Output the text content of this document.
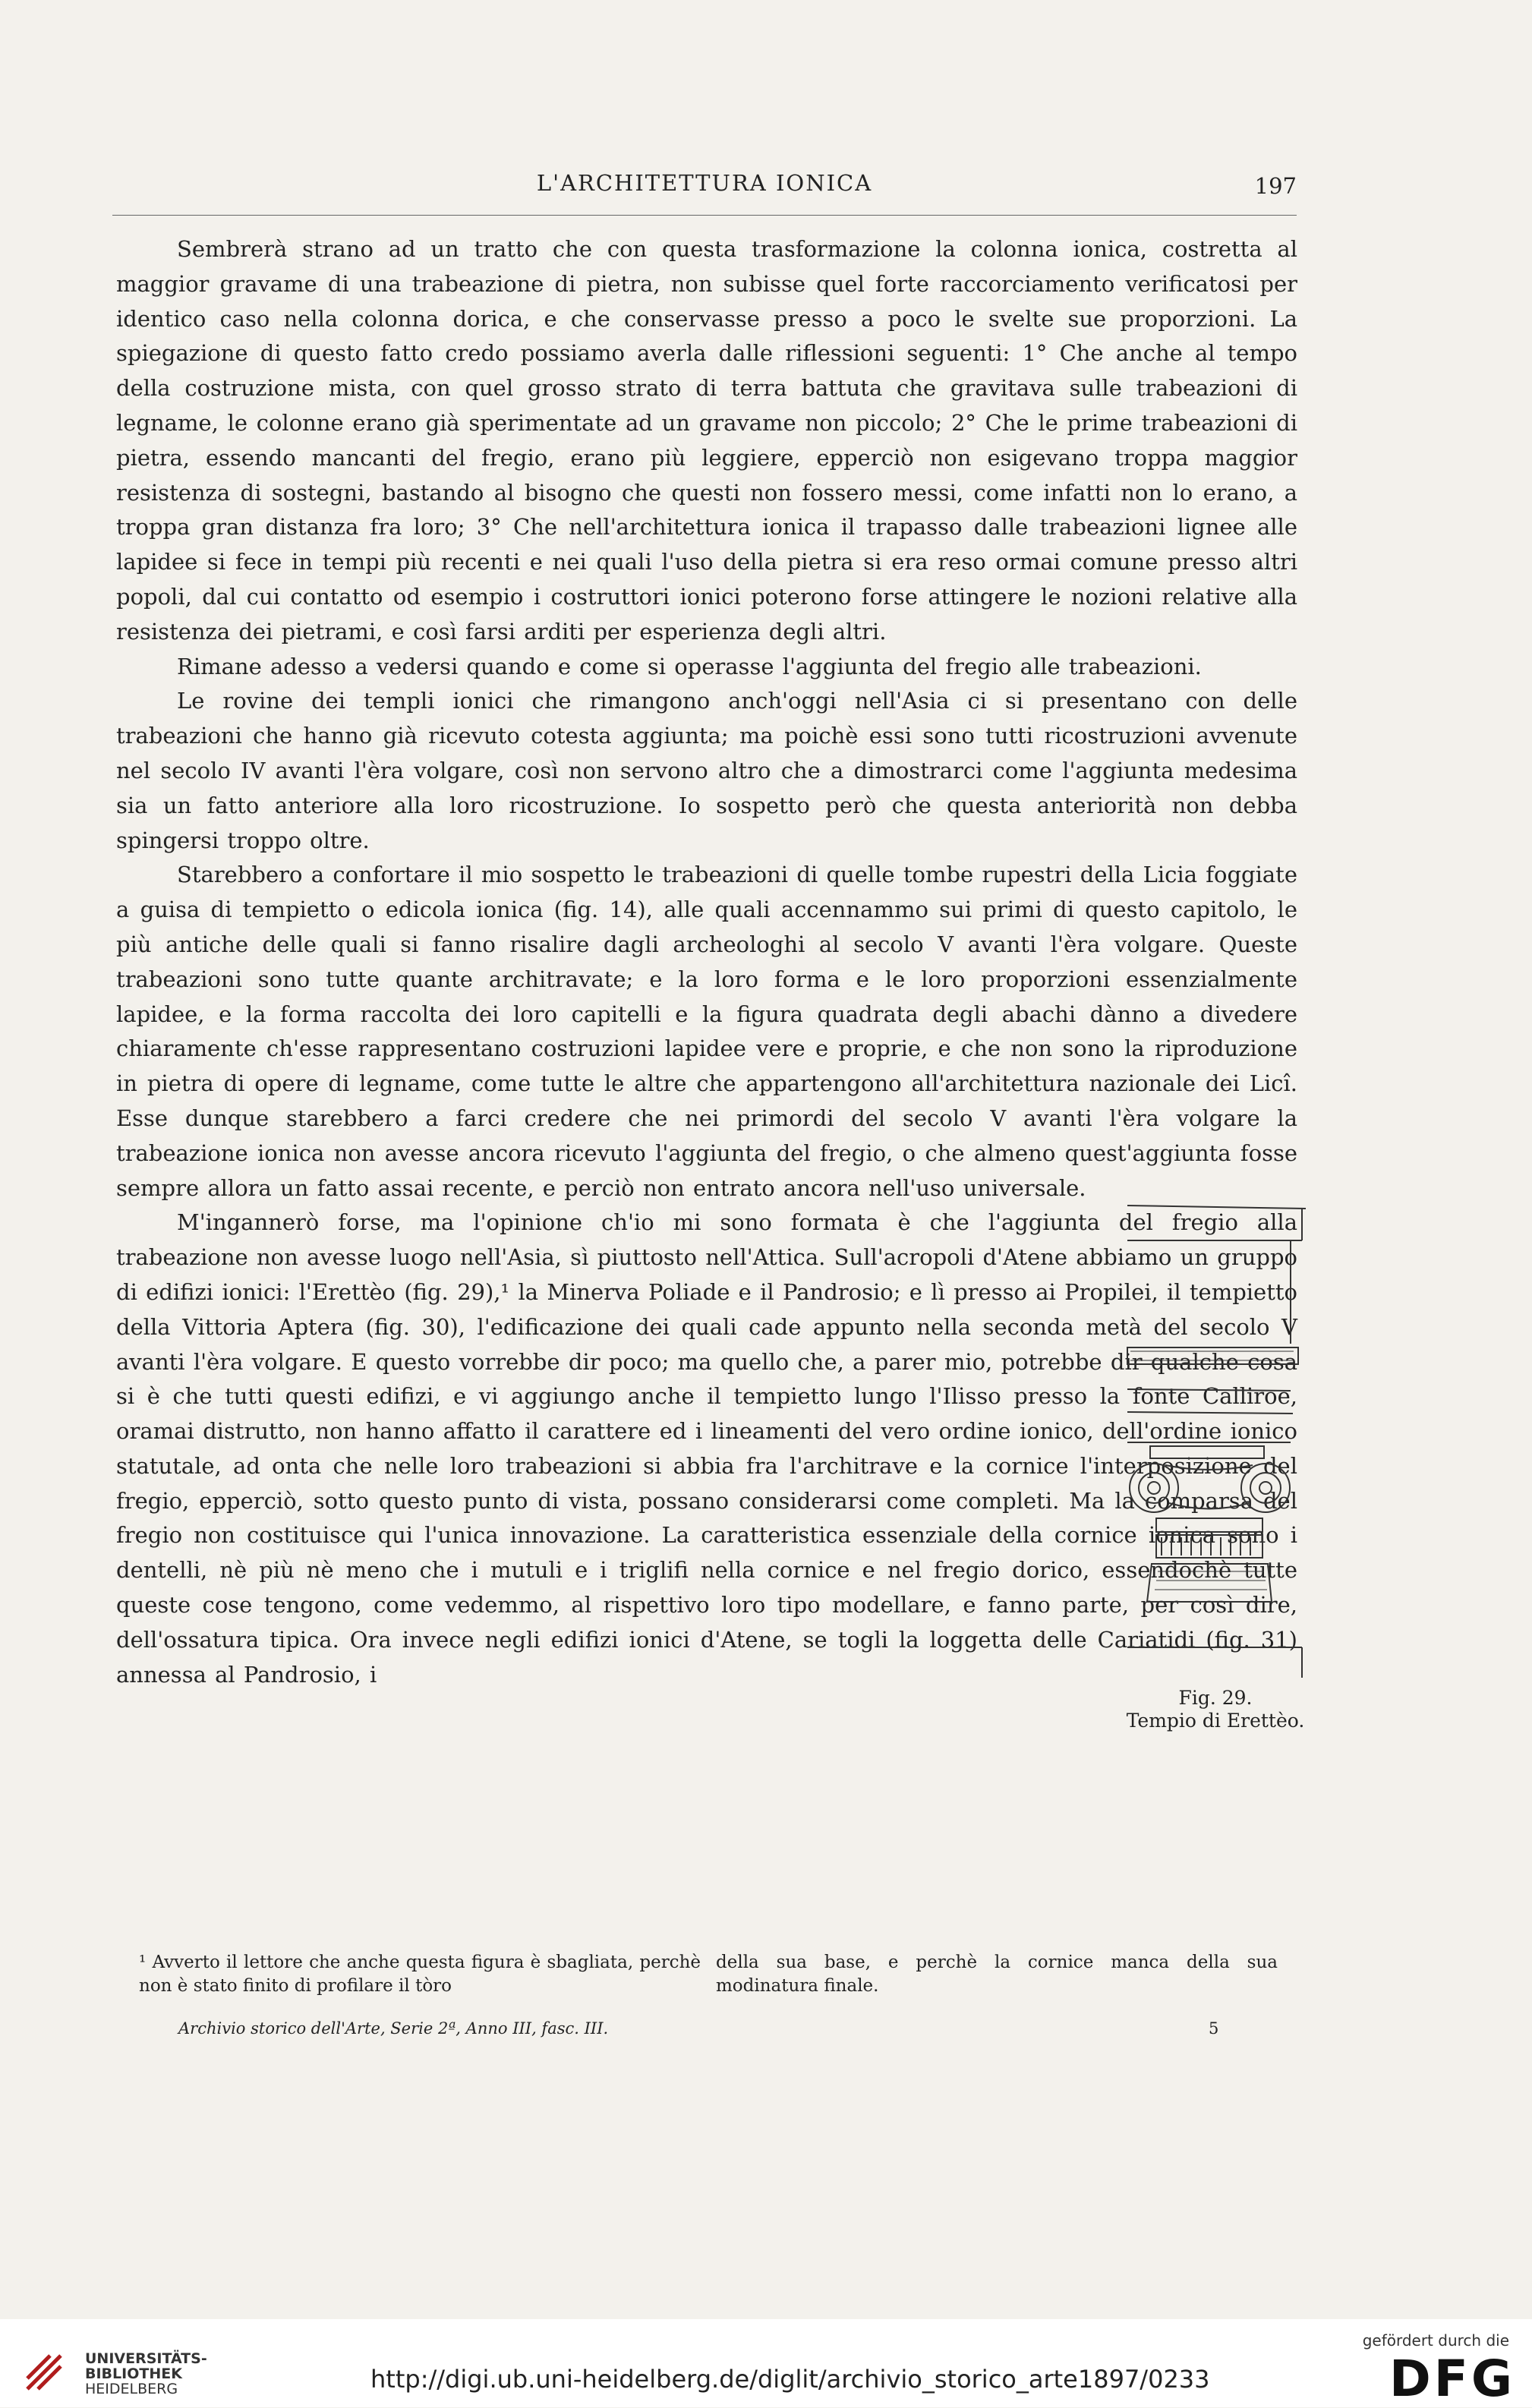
L'ARCHITETTURA IONICA	197

Sembrerà strano ad un tratto che con questa trasformazione la colonna ionica, costretta al maggior gravame di una trabeazione di pietra, non subisse quel forte raccorciamento verificatosi per identico caso nella colonna dorica, e che conservasse presso a poco le svelte sue proporzioni. La spiegazione di questo fatto credo possiamo averla dalle riflessioni seguenti: 1° Che anche al tempo della costruzione mista, con quel grosso strato di terra battuta che gravitava sulle trabeazioni di legname, le colonne erano già sperimentate ad un gravame non piccolo; 2° Che le prime trabeazioni di pietra, essendo mancanti del fregio, erano più leggiere, epperciò non esigevano troppa maggior resistenza di sostegni, bastando al bisogno che questi non fossero messi, come infatti non lo erano, a troppa gran distanza fra loro; 3° Che nell'architettura ionica il trapasso dalle trabeazioni lignee alle lapidee si fece in tempi più recenti e nei quali l'uso della pietra si era reso ormai comune presso altri popoli, dal cui contatto od esempio i costruttori ionici poterono forse attingere le nozioni relative alla resistenza dei pietrami, e così farsi arditi per esperienza degli altri.

Rimane adesso a vedersi quando e come si operasse l'aggiunta del fregio alle trabeazioni.

Le rovine dei templi ionici che rimangono anch'oggi nell'Asia ci si presentano con delle trabeazioni che hanno già ricevuto cotesta aggiunta; ma poichè essi sono tutti ricostruzioni avvenute nel secolo IV avanti l'èra volgare, così non servono altro che a dimostrarci come l'aggiunta medesima sia un fatto anteriore alla loro ricostruzione. Io sospetto però che questa anteriorità non debba spingersi troppo oltre.

Starebbero a confortare il mio sospetto le trabeazioni di quelle tombe rupestri della Licia foggiate a guisa di tempietto o edicola ionica (fig. 14), alle quali accennammo sui primi di questo capitolo, le più antiche delle quali si fanno risalire dagli archeologhi al secolo V avanti l'èra volgare. Queste trabeazioni sono tutte quante architravate; e la loro forma e le loro proporzioni essenzialmente lapidee, e la forma raccolta dei loro capitelli e la figura quadrata degli abachi dànno a divedere chiaramente ch'esse rappresentano costruzioni lapidee vere e proprie, e che non sono la riproduzione in pietra di opere di legname, come tutte le altre che appartengono all'architettura nazionale dei Licî. Esse dunque starebbero a farci credere che nei primordi del secolo V avanti l'èra volgare la trabeazione ionica non avesse ancora ricevuto l'aggiunta del fregio, o che almeno quest'aggiunta fosse sempre allora un fatto assai recente, e perciò non entrato ancora nell'uso universale.

M'ingannerò forse, ma l'opinione ch'io mi sono formata è che l'aggiunta del fregio alla trabeazione non avesse luogo nell'Asia, sì piuttosto nell'Attica. Sull'acropoli d'Atene abbiamo un gruppo di edifizi ionici: l'Erettèo (fig. 29),¹ la Minerva Poliade e il Pandrosio; e lì presso ai Propilei, il tempietto della Vittoria Aptera (fig. 30), l'edificazione dei quali cade appunto nella seconda metà del secolo V avanti l'èra volgare. E questo vorrebbe dir poco; ma quello che, a parer mio, potrebbe dir qualche cosa si è che tutti questi edifizi, e vi aggiungo anche il tempietto lungo l'Ilisso presso la fonte Calliroe, oramai distrutto, non hanno affatto il carattere ed i lineamenti del vero ordine ionico, dell'ordine ionico statutale, ad onta che nelle loro trabeazioni si abbia fra l'architrave e la cornice l'interposizione del fregio, epperciò, sotto questo punto di vista, possano considerarsi come completi. Ma la comparsa del fregio non costituisce qui l'unica innovazione. La caratteristica essenziale della cornice ionica sono i dentelli, nè più nè meno che i mutuli e i triglifi nella cornice e nel fregio dorico, essendochè tutte queste cose tengono, come vedemmo, al rispettivo loro tipo modellare, e fanno parte, per così dire, dell'ossatura tipica. Ora invece negli edifizi ionici d'Atene, se togli la loggetta delle Cariatidi (fig. 31) annessa al Pandrosio, i

Fig. 29.
Tempio di Erettèo.
¹ Avverto il lettore che anche questa figura è sbagliata, perchè non è stato finito di profilare il tòro
della sua base, e perchè la cornice manca della sua modinatura finale.
Archivio storico dell'Arte, Serie 2ª, Anno III, fasc. III.	5
UNIVERSITÄTS-
BIBLIOTHEK
HEIDELBERG	http://digi.ub.uni-heidelberg.de/diglit/archivio_storico_arte1897/0233
gefördert durch die
DFG
